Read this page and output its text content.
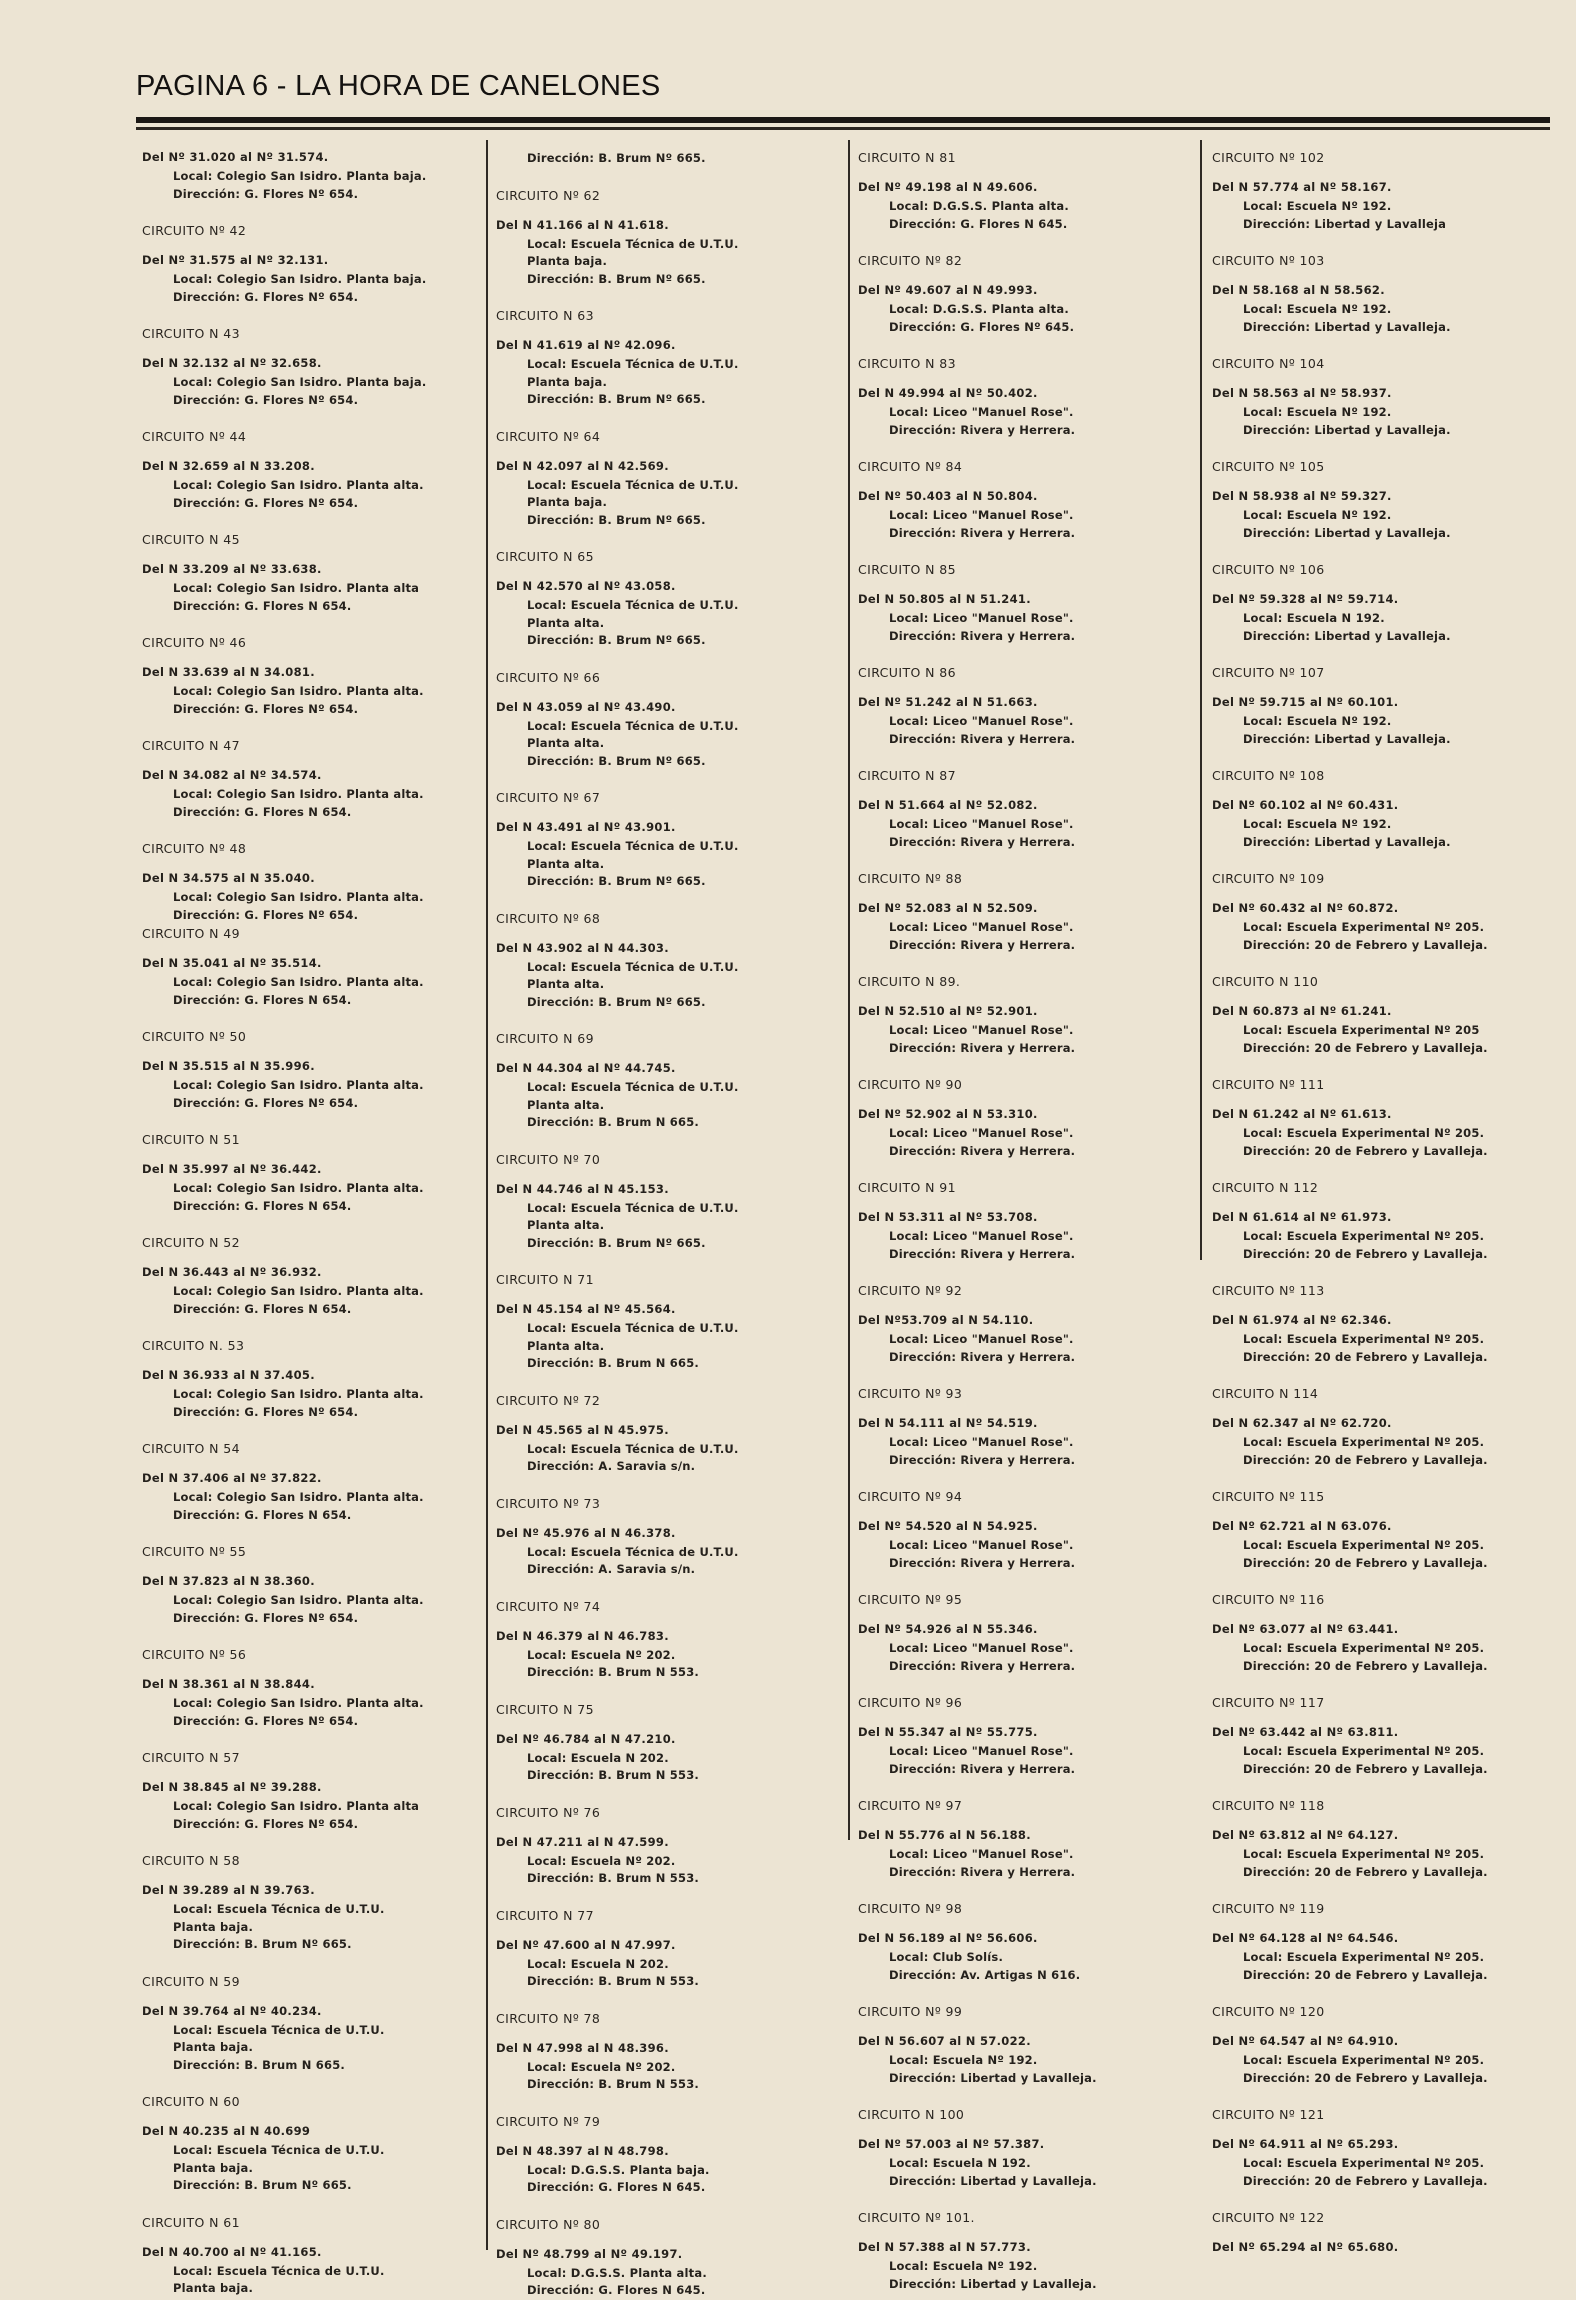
PAGINA 6 - LA HORA DE CANELONES
Del Nº 31.020 al Nº 31.574.
Local: Colegio San Isidro. Planta baja.
Dirección: G. Flores Nº 654.
CIRCUITO Nº 42
Del Nº 31.575 al Nº 32.131.
Local: Colegio San Isidro. Planta baja.
Dirección: G. Flores Nº 654.
CIRCUITO N 43
Del N 32.132 al Nº 32.658.
Local: Colegio San Isidro. Planta baja.
Dirección: G. Flores Nº 654.
CIRCUITO Nº 44
Del N 32.659 al N 33.208.
Local: Colegio San Isidro. Planta alta.
Dirección: G. Flores Nº 654.
CIRCUITO N 45
Del N 33.209 al Nº 33.638.
Local: Colegio San Isidro. Planta alta
Dirección: G. Flores N 654.
CIRCUITO Nº 46
Del N 33.639 al N 34.081.
Local: Colegio San Isidro. Planta alta.
Dirección: G. Flores Nº 654.
CIRCUITO N 47
Del N 34.082 al Nº 34.574.
Local: Colegio San Isidro. Planta alta.
Dirección: G. Flores N 654.
CIRCUITO Nº 48
Del N 34.575 al N 35.040.
Local: Colegio San Isidro. Planta alta.
Dirección: G. Flores Nº 654.
CIRCUITO N 49
Del N 35.041 al Nº 35.514.
Local: Colegio San Isidro. Planta alta.
Dirección: G. Flores N 654.
CIRCUITO Nº 50
Del N 35.515 al N 35.996.
Local: Colegio San Isidro. Planta alta.
Dirección: G. Flores Nº 654.
CIRCUITO N 51
Del N 35.997 al Nº 36.442.
Local: Colegio San Isidro. Planta alta.
Dirección: G. Flores N 654.
CIRCUITO N 52
Del N 36.443 al Nº 36.932.
Local: Colegio San Isidro. Planta alta.
Dirección: G. Flores N 654.
CIRCUITO N. 53
Del N 36.933 al N 37.405.
Local: Colegio San Isidro. Planta alta.
Dirección: G. Flores Nº 654.
CIRCUITO N 54
Del N 37.406 al Nº 37.822.
Local: Colegio San Isidro. Planta alta.
Dirección: G. Flores N 654.
CIRCUITO Nº 55
Del N 37.823 al N 38.360.
Local: Colegio San Isidro. Planta alta.
Dirección: G. Flores Nº 654.
CIRCUITO Nº 56
Del N 38.361 al N 38.844.
Local: Colegio San Isidro. Planta alta.
Dirección: G. Flores Nº 654.
CIRCUITO N 57
Del N 38.845 al Nº 39.288.
Local: Colegio San Isidro. Planta alta
Dirección: G. Flores Nº 654.
CIRCUITO N 58
Del N 39.289 al N 39.763.
Local: Escuela Técnica de U.T.U.
Planta baja.
Dirección: B. Brum Nº 665.
CIRCUITO N 59
Del N 39.764 al Nº 40.234.
Local: Escuela Técnica de U.T.U.
Planta baja.
Dirección: B. Brum N 665.
CIRCUITO N 60
Del N 40.235 al N 40.699
Local: Escuela Técnica de U.T.U.
Planta baja.
Dirección: B. Brum Nº 665.
CIRCUITO N 61
Del N 40.700 al Nº 41.165.
Local: Escuela Técnica de U.T.U.
Planta baja.
Dirección: B. Brum Nº 665.
CIRCUITO Nº 62
Del N 41.166 al N 41.618.
Local: Escuela Técnica de U.T.U.
Planta baja.
Dirección: B. Brum Nº 665.
CIRCUITO N 63
Del N 41.619 al Nº 42.096.
Local: Escuela Técnica de U.T.U.
Planta baja.
Dirección: B. Brum Nº 665.
CIRCUITO Nº 64
Del N 42.097 al N 42.569.
Local: Escuela Técnica de U.T.U.
Planta baja.
Dirección: B. Brum Nº 665.
CIRCUITO N 65
Del N 42.570 al Nº 43.058.
Local: Escuela Técnica de U.T.U.
Planta alta.
Dirección: B. Brum Nº 665.
CIRCUITO Nº 66
Del N 43.059 al Nº 43.490.
Local: Escuela Técnica de U.T.U.
Planta alta.
Dirección: B. Brum Nº 665.
CIRCUITO Nº 67
Del N 43.491 al Nº 43.901.
Local: Escuela Técnica de U.T.U.
Planta alta.
Dirección: B. Brum Nº 665.
CIRCUITO Nº 68
Del N 43.902 al N 44.303.
Local: Escuela Técnica de U.T.U.
Planta alta.
Dirección: B. Brum Nº 665.
CIRCUITO N 69
Del N 44.304 al Nº 44.745.
Local: Escuela Técnica de U.T.U.
Planta alta.
Dirección: B. Brum N 665.
CIRCUITO Nº 70
Del N 44.746 al N 45.153.
Local: Escuela Técnica de U.T.U.
Planta alta.
Dirección: B. Brum Nº 665.
CIRCUITO N 71
Del N 45.154 al Nº 45.564.
Local: Escuela Técnica de U.T.U.
Planta alta.
Dirección: B. Brum N 665.
CIRCUITO Nº 72
Del N 45.565 al N 45.975.
Local: Escuela Técnica de U.T.U.
Dirección: A. Saravia s/n.
CIRCUITO Nº 73
Del Nº 45.976 al N 46.378.
Local: Escuela Técnica de U.T.U.
Dirección: A. Saravia s/n.
CIRCUITO Nº 74
Del N 46.379 al N 46.783.
Local: Escuela Nº 202.
Dirección: B. Brum N 553.
CIRCUITO N 75
Del Nº 46.784 al N 47.210.
Local: Escuela N 202.
Dirección: B. Brum N 553.
CIRCUITO Nº 76
Del N 47.211 al N 47.599.
Local: Escuela Nº 202.
Dirección: B. Brum N 553.
CIRCUITO N 77
Del Nº 47.600 al N 47.997.
Local: Escuela N 202.
Dirección: B. Brum N 553.
CIRCUITO Nº 78
Del N 47.998 al N 48.396.
Local: Escuela Nº 202.
Dirección: B. Brum N 553.
CIRCUITO Nº 79
Del N 48.397 al N 48.798.
Local: D.G.S.S. Planta baja.
Dirección: G. Flores N 645.
CIRCUITO Nº 80
Del Nº 48.799 al Nº 49.197.
Local: D.G.S.S. Planta alta.
Dirección: G. Flores N 645.
CIRCUITO N 81
Del Nº 49.198 al N 49.606.
Local: D.G.S.S. Planta alta.
Dirección: G. Flores N 645.
CIRCUITO Nº 82
Del Nº 49.607 al N 49.993.
Local: D.G.S.S. Planta alta.
Dirección: G. Flores Nº 645.
CIRCUITO N 83
Del N 49.994 al Nº 50.402.
Local: Liceo "Manuel Rose".
Dirección: Rivera y Herrera.
CIRCUITO Nº 84
Del Nº 50.403 al N 50.804.
Local: Liceo "Manuel Rose".
Dirección: Rivera y Herrera.
CIRCUITO N 85
Del N 50.805 al N 51.241.
Local: Liceo "Manuel Rose".
Dirección: Rivera y Herrera.
CIRCUITO N 86
Del Nº 51.242 al N 51.663.
Local: Liceo "Manuel Rose".
Dirección: Rivera y Herrera.
CIRCUITO N 87
Del N 51.664 al Nº 52.082.
Local: Liceo "Manuel Rose".
Dirección: Rivera y Herrera.
CIRCUITO Nº 88
Del Nº 52.083 al N 52.509.
Local: Liceo "Manuel Rose".
Dirección: Rivera y Herrera.
CIRCUITO N 89.
Del N 52.510 al Nº 52.901.
Local: Liceo "Manuel Rose".
Dirección: Rivera y Herrera.
CIRCUITO Nº 90
Del Nº 52.902 al N 53.310.
Local: Liceo "Manuel Rose".
Dirección: Rivera y Herrera.
CIRCUITO N 91
Del N 53.311 al Nº 53.708.
Local: Liceo "Manuel Rose".
Dirección: Rivera y Herrera.
CIRCUITO Nº 92
Del Nº53.709 al N 54.110.
Local: Liceo "Manuel Rose".
Dirección: Rivera y Herrera.
CIRCUITO Nº 93
Del N 54.111 al Nº 54.519.
Local: Liceo "Manuel Rose".
Dirección: Rivera y Herrera.
CIRCUITO Nº 94
Del Nº 54.520 al N 54.925.
Local: Liceo "Manuel Rose".
Dirección: Rivera y Herrera.
CIRCUITO Nº 95
Del Nº 54.926 al N 55.346.
Local: Liceo "Manuel Rose".
Dirección: Rivera y Herrera.
CIRCUITO Nº 96
Del N 55.347 al Nº 55.775.
Local: Liceo "Manuel Rose".
Dirección: Rivera y Herrera.
CIRCUITO Nº 97
Del N 55.776 al N 56.188.
Local: Liceo "Manuel Rose".
Dirección: Rivera y Herrera.
CIRCUITO Nº 98
Del N 56.189 al Nº 56.606.
Local: Club Solís.
Dirección: Av. Artigas N 616.
CIRCUITO Nº 99
Del N 56.607 al N 57.022.
Local: Escuela Nº 192.
Dirección: Libertad y Lavalleja.
CIRCUITO N 100
Del Nº 57.003 al Nº 57.387.
Local: Escuela N 192.
Dirección: Libertad y Lavalleja.
CIRCUITO Nº 101.
Del N 57.388 al N 57.773.
Local: Escuela Nº 192.
Dirección: Libertad y Lavalleja.
CIRCUITO Nº 102
Del N 57.774 al Nº 58.167.
Local: Escuela Nº 192.
Dirección: Libertad y Lavalleja
CIRCUITO Nº 103
Del N 58.168 al N 58.562.
Local: Escuela Nº 192.
Dirección: Libertad y Lavalleja.
CIRCUITO Nº 104
Del N 58.563 al Nº 58.937.
Local: Escuela Nº 192.
Dirección: Libertad y Lavalleja.
CIRCUITO Nº 105
Del N 58.938 al Nº 59.327.
Local: Escuela Nº 192.
Dirección: Libertad y Lavalleja.
CIRCUITO Nº 106
Del Nº 59.328 al Nº 59.714.
Local: Escuela N 192.
Dirección: Libertad y Lavalleja.
CIRCUITO Nº 107
Del Nº 59.715 al Nº 60.101.
Local: Escuela Nº 192.
Dirección: Libertad y Lavalleja.
CIRCUITO Nº 108
Del Nº 60.102 al Nº 60.431.
Local: Escuela Nº 192.
Dirección: Libertad y Lavalleja.
CIRCUITO Nº 109
Del Nº 60.432 al Nº 60.872.
Local: Escuela Experimental Nº 205.
Dirección: 20 de Febrero y Lavalleja.
CIRCUITO N 110
Del N 60.873 al Nº 61.241.
Local: Escuela Experimental Nº 205
Dirección: 20 de Febrero y Lavalleja.
CIRCUITO Nº 111
Del N 61.242 al Nº 61.613.
Local: Escuela Experimental Nº 205.
Dirección: 20 de Febrero y Lavalleja.
CIRCUITO N 112
Del N 61.614 al Nº 61.973.
Local: Escuela Experimental Nº 205.
Dirección: 20 de Febrero y Lavalleja.
CIRCUITO Nº 113
Del N 61.974 al Nº 62.346.
Local: Escuela Experimental Nº 205.
Dirección: 20 de Febrero y Lavalleja.
CIRCUITO N 114
Del N 62.347 al Nº 62.720.
Local: Escuela Experimental Nº 205.
Dirección: 20 de Febrero y Lavalleja.
CIRCUITO Nº 115
Del Nº 62.721 al N 63.076.
Local: Escuela Experimental Nº 205.
Dirección: 20 de Febrero y Lavalleja.
CIRCUITO Nº 116
Del Nº 63.077 al Nº 63.441.
Local: Escuela Experimental Nº 205.
Dirección: 20 de Febrero y Lavalleja.
CIRCUITO Nº 117
Del Nº 63.442 al Nº 63.811.
Local: Escuela Experimental Nº 205.
Dirección: 20 de Febrero y Lavalleja.
CIRCUITO Nº 118
Del Nº 63.812 al Nº 64.127.
Local: Escuela Experimental Nº 205.
Dirección: 20 de Febrero y Lavalleja.
CIRCUITO Nº 119
Del Nº 64.128 al Nº 64.546.
Local: Escuela Experimental Nº 205.
Dirección: 20 de Febrero y Lavalleja.
CIRCUITO Nº 120
Del Nº 64.547 al Nº 64.910.
Local: Escuela Experimental Nº 205.
Dirección: 20 de Febrero y Lavalleja.
CIRCUITO Nº 121
Del Nº 64.911 al Nº 65.293.
Local: Escuela Experimental Nº 205.
Dirección: 20 de Febrero y Lavalleja.
CIRCUITO Nº 122
Del Nº 65.294 al Nº 65.680.
